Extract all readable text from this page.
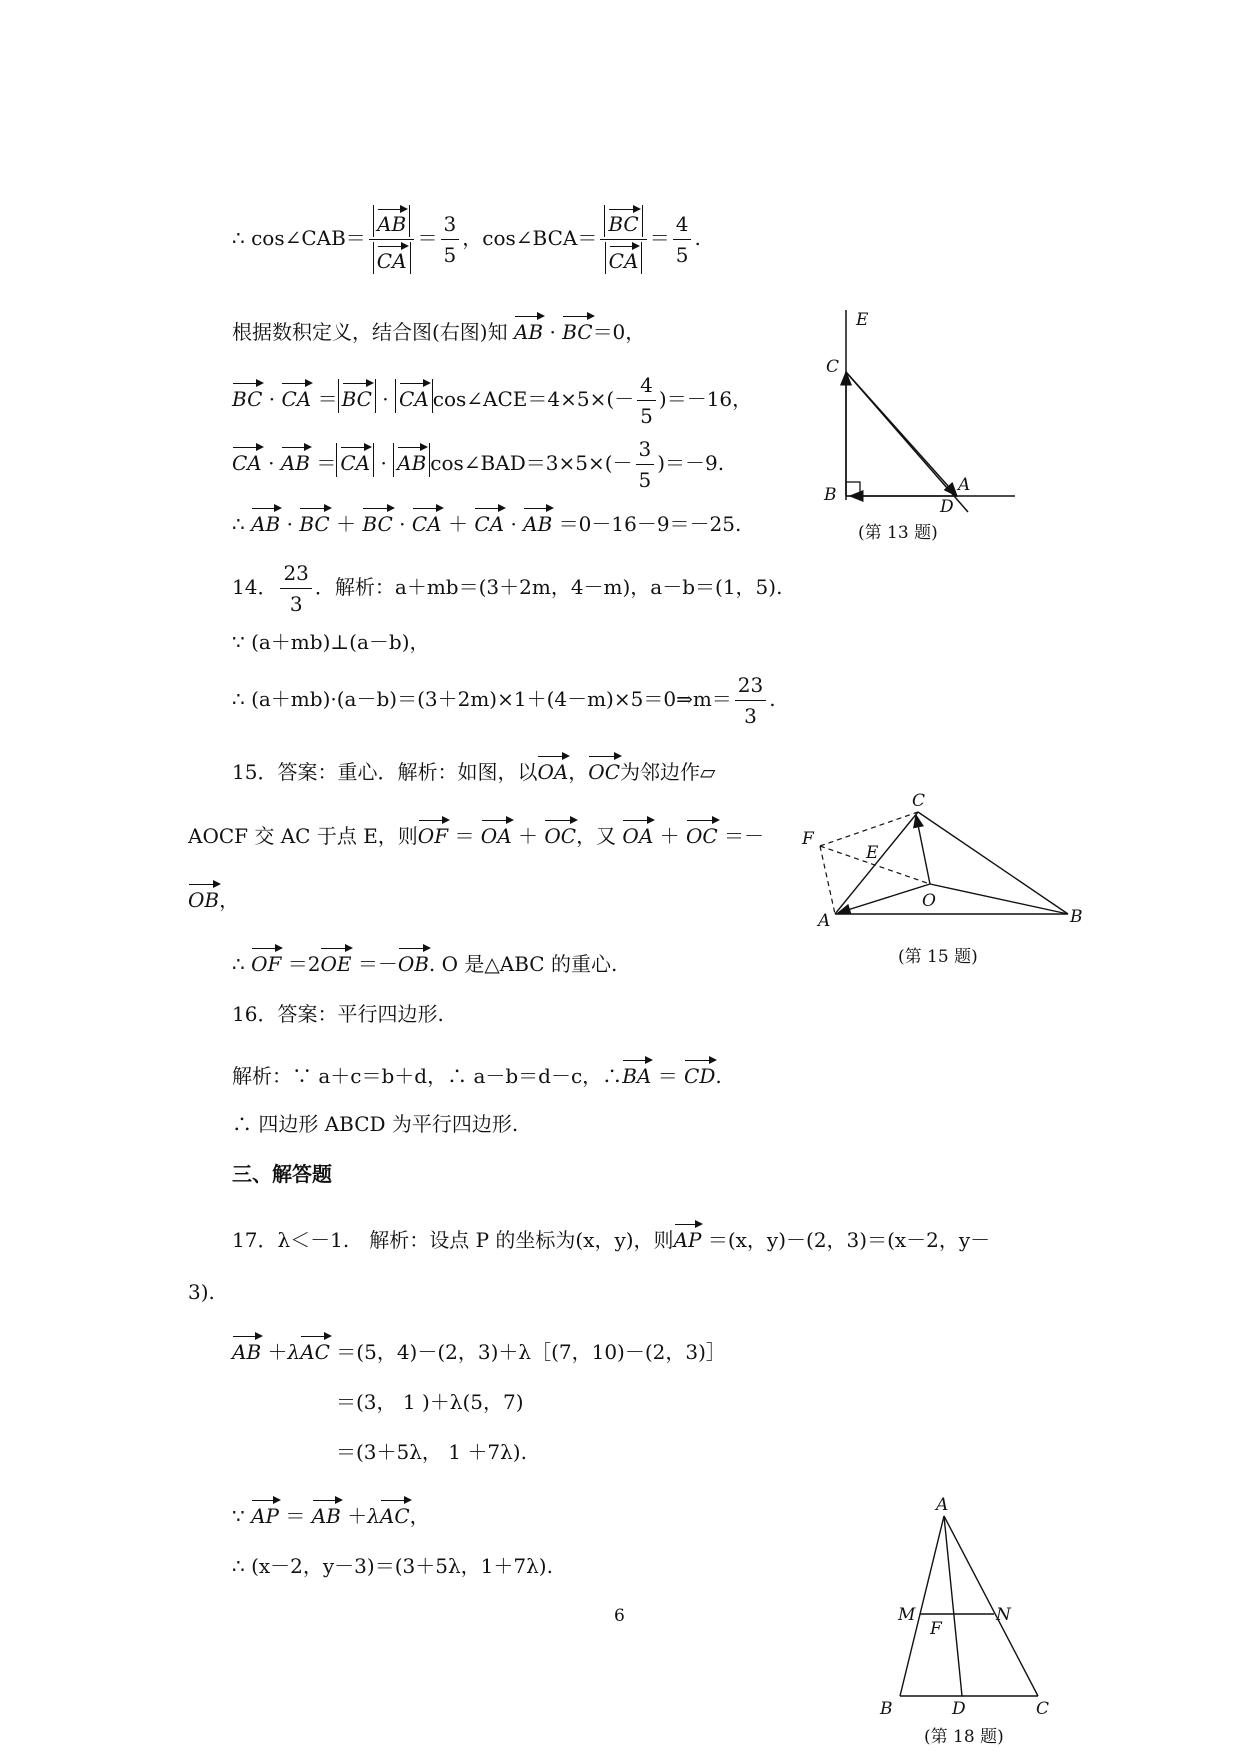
∴ cos∠CAB＝ $\frac{AB}{CA} = \frac{3}{5}$ ，cos∠BCA＝ $\frac{BC}{CA} = \frac{4}{5}$ .
根据数积定义，结合图(右图)知 AB · BC＝0，
BC · CA ＝ BC · CA cos∠ACE＝4×5×(－ $\frac{4}{5} )=-16$，
CA · AB ＝ CA · AB cos∠BAD＝3×5×(－ $\frac{3}{5} )=-9$.
∴ AB · BC ＋ BC · CA ＋ CA · AB ＝0－16－9＝－25.
14． $\frac{23}{3}$ ．解析：a＋mb＝(3＋2m，4－m)，a－b＝(1，5).
∵ (a＋mb)⊥(a－b)，
∴ (a＋mb)·(a－b)＝(3＋2m)×1＋(4－m)×5＝0⇒m＝ $\frac{23}{3}$ .
15．答案：重心．解析：如图，以OA，OC为邻边作▱
AOCF 交 AC 于点 E，则OF ＝ OA ＋ OC，又 OA ＋ OC ＝－
OB，
∴ OF ＝2OE ＝－OB. O 是△ABC 的重心.
16．答案：平行四边形.
解析：∵ a＋c＝b＋d，∴ a－b＝d－c，∴BA ＝ CD.
∴ 四边形 ABCD 为平行四边形.
三、解答题
17．λ＜－1.　解析：设点 P 的坐标为(x，y)，则AP ＝(x，y)－(2，3)＝(x－2，y－
3).
AB ＋λAC ＝(5，4)－(2，3)＋λ［(7，10)－(2，3)］
＝(3， 1 )＋λ(5，7)
＝(3＋5λ， 1 ＋7λ).
∵ AP ＝ AB ＋λAC，
∴ (x－2，y－3)＝(3＋5λ，1＋7λ).
6
E
C
B	A
D
(第 13 题)
C
F
E
O
A	B
(第 15 题)
A
M	N
F
B	D	C
(第 18 题)
